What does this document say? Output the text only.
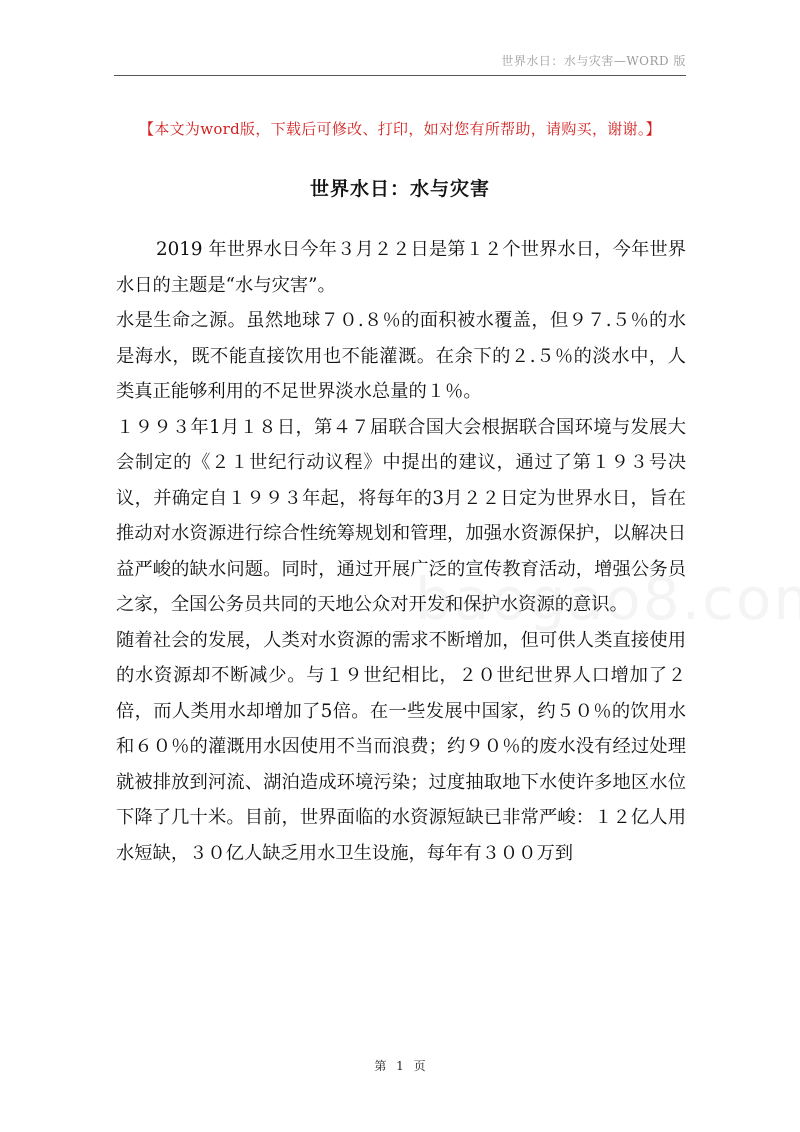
世界水日：水与灾害—WORD 版
【本文为word版，下载后可修改、打印，如对您有所帮助，请购买，谢谢。】
世界水日：水与灾害

2019 年世界水日今年３月２２日是第１２个世界水日，今年世界水日的主题是“水与灾害”。

水是生命之源。虽然地球７０.８％的面积被水覆盖，但９７.５％的水是海水，既不能直接饮用也不能灌溉。在余下的２.５％的淡水中，人类真正能够利用的不足世界淡水总量的１％。

１９９３年1月１８日，第４７届联合国大会根据联合国环境与发展大会制定的《２１世纪行动议程》中提出的建议，通过了第１９３号决议，并确定自１９９３年起，将每年的3月２２日定为世界水日，旨在推动对水资源进行综合性统筹规划和管理，加强水资源保护，以解决日益严峻的缺水问题。同时，通过开展广泛的宣传教育活动，增强公务员之家，全国公务员共同的天地公众对开发和保护水资源的意识。

随着社会的发展，人类对水资源的需求不断增加，但可供人类直接使用的水资源却不断减少。与１９世纪相比，２０世纪世界人口增加了２倍，而人类用水却增加了5倍。在一些发展中国家，约５０％的饮用水和６０％的灌溉用水因使用不当而浪费；约９０％的废水没有经过处理就被排放到河流、湖泊造成环境污染；过度抽取地下水使许多地区水位下降了几十米。目前，世界面临的水资源短缺已非常严峻：１２亿人用水短缺，３０亿人缺乏用水卫生设施，每年有３００万到

第 1 页
